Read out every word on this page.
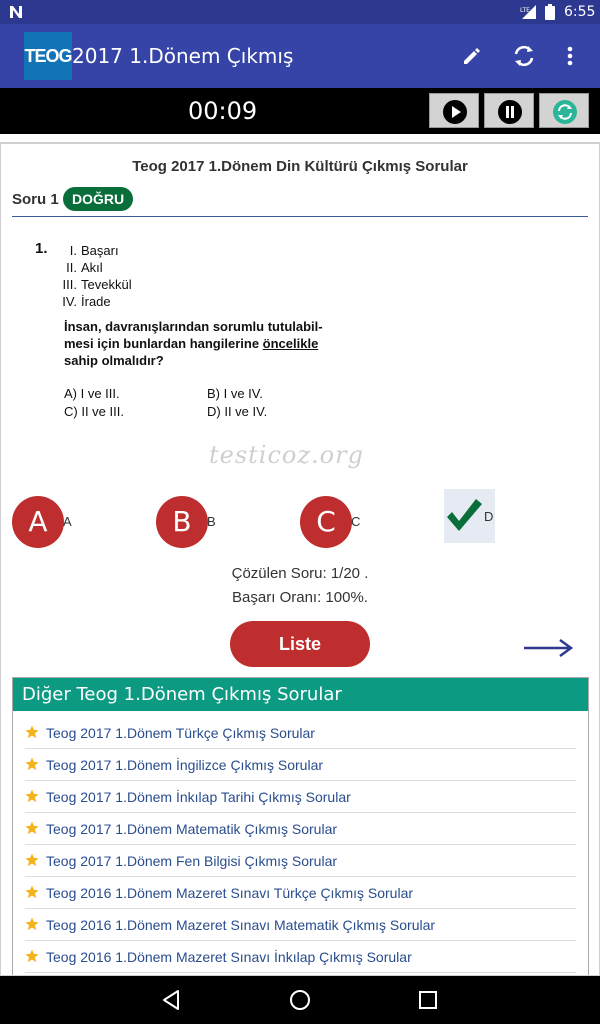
LTE 6:55
TEOG 2017 1.Dönem Çıkmış
00:09
Teog 2017 1.Dönem Din Kültürü Çıkmış Sorular
Soru 1 DOĞRU
1.	I. Başarı
II. Akıl
III. Tevekkül
IV. İrade
İnsan, davranışlarından sorumlu tutulabil- mesi için bunlardan hangilerine öncelikle sahip olmalıdır?
A) I ve III.	B) I ve IV.
C) II ve III.	D) II ve IV.
testicoz.org
A	A	B	B	C	C	D
Çözülen Soru: 1/20 .
Başarı Oranı: 100%.
Liste
Diğer Teog 1.Dönem Çıkmış Sorular
Teog 2017 1.Dönem Türkçe Çıkmış Sorular
Teog 2017 1.Dönem İngilizce Çıkmış Sorular
Teog 2017 1.Dönem İnkılap Tarihi Çıkmış Sorular
Teog 2017 1.Dönem Matematik Çıkmış Sorular
Teog 2017 1.Dönem Fen Bilgisi Çıkmış Sorular
Teog 2016 1.Dönem Mazeret Sınavı Türkçe Çıkmış Sorular
Teog 2016 1.Dönem Mazeret Sınavı Matematik Çıkmış Sorular
Teog 2016 1.Dönem Mazeret Sınavı İnkılap Çıkmış Sorular
